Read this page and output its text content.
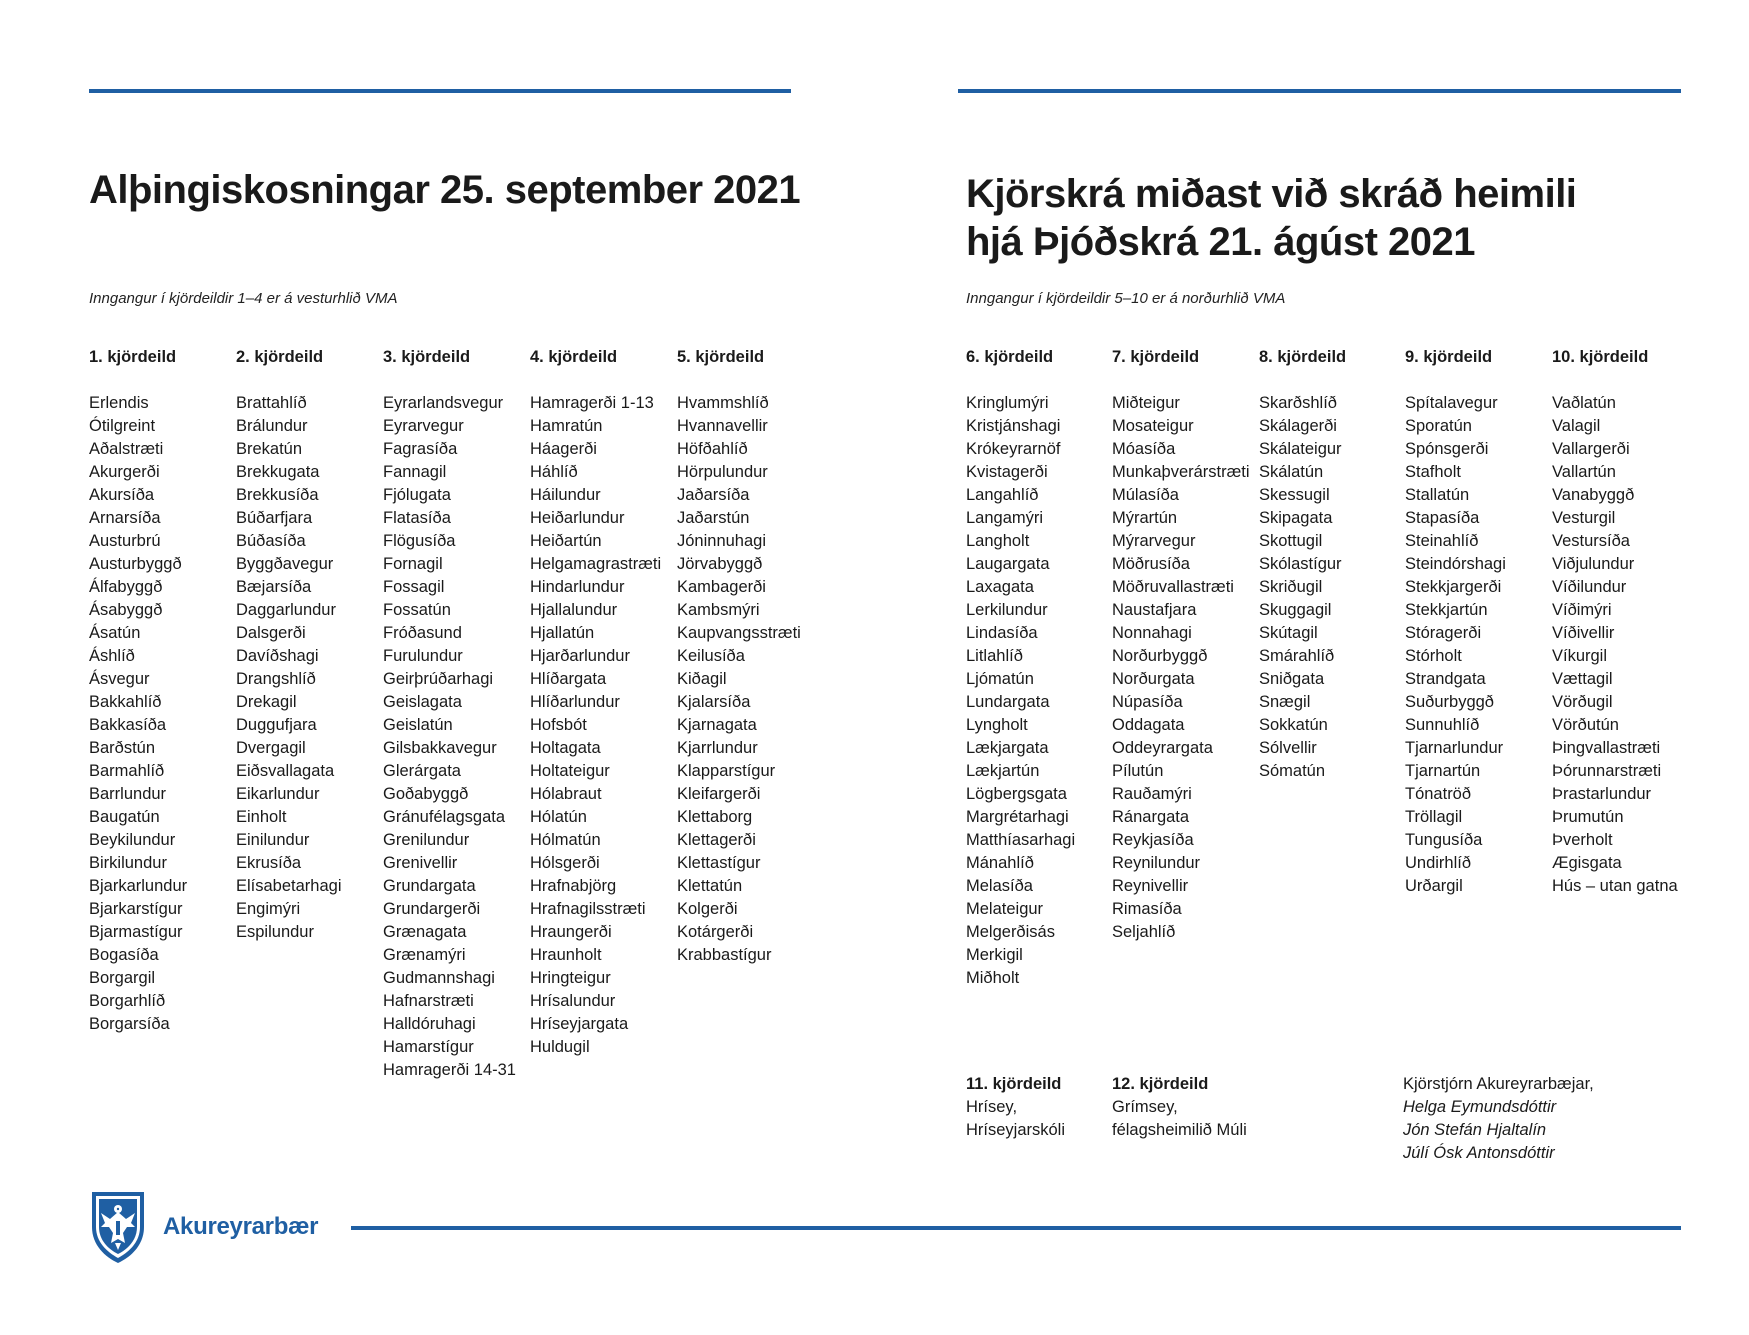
Alþingiskosningar 25. september 2021	Kjörskrá miðast við skráð heimili
hjá Þjóðskrá 21. ágúst 2021
Inngangur í kjördeildir 1–4 er á vesturhlið VMA	Inngangur í kjördeildir 5–10 er á norðurhlið VMA
1. kjördeild
Erlendis
Ótilgreint
Aðalstræti
Akurgerði
Akursíða
Arnarsíða
Austurbrú
Austurbyggð
Álfabyggð
Ásabyggð
Ásatún
Áshlíð
Ásvegur
Bakkahlíð
Bakkasíða
Barðstún
Barmahlíð
Barrlundur
Baugatún
Beykilundur
Birkilundur
Bjarkarlundur
Bjarkarstígur
Bjarmastígur
Bogasíða
Borgargil
Borgarhlíð
Borgarsíða
2. kjördeild
Brattahlíð
Brálundur
Brekatún
Brekkugata
Brekkusíða
Búðarfjara
Búðasíða
Byggðavegur
Bæjarsíða
Daggarlundur
Dalsgerði
Davíðshagi
Drangshlíð
Drekagil
Duggufjara
Dvergagil
Eiðsvallagata
Eikarlundur
Einholt
Einilundur
Ekrusíða
Elísabetarhagi
Engimýri
Espilundur
3. kjördeild
Eyrarlandsvegur
Eyrarvegur
Fagrasíða
Fannagil
Fjólugata
Flatasíða
Flögusíða
Fornagil
Fossagil
Fossatún
Fróðasund
Furulundur
Geirþrúðarhagi
Geislagata
Geislatún
Gilsbakkavegur
Glerárgata
Goðabyggð
Gránufélagsgata
Grenilundur
Grenivellir
Grundargata
Grundargerði
Grænagata
Grænamýri
Gudmannshagi
Hafnarstræti
Halldóruhagi
Hamarstígur
Hamragerði 14-31
4. kjördeild
Hamragerði 1-13
Hamratún
Háagerði
Háhlíð
Háilundur
Heiðarlundur
Heiðartún
Helgamagrastræti
Hindarlundur
Hjallalundur
Hjallatún
Hjarðarlundur
Hlíðargata
Hlíðarlundur
Hofsbót
Holtagata
Holtateigur
Hólabraut
Hólatún
Hólmatún
Hólsgerði
Hrafnabjörg
Hrafnagilsstræti
Hraungerði
Hraunholt
Hringteigur
Hrísalundur
Hríseyjargata
Huldugil
5. kjördeild
Hvammshlíð
Hvannavellir
Höfðahlíð
Hörpulundur
Jaðarsíða
Jaðarstún
Jóninnuhagi
Jörvabyggð
Kambagerði
Kambsmýri
Kaupvangsstræti
Keilusíða
Kiðagil
Kjalarsíða
Kjarnagata
Kjarrlundur
Klapparstígur
Kleifargerði
Klettaborg
Klettagerði
Klettastígur
Klettatún
Kolgerði
Kotárgerði
Krabbastígur
6. kjördeild
Kringlumýri
Kristjánshagi
Krókeyrarnöf
Kvistagerði
Langahlíð
Langamýri
Langholt
Laugargata
Laxagata
Lerkilundur
Lindasíða
Litlahlíð
Ljómatún
Lundargata
Lyngholt
Lækjargata
Lækjartún
Lögbergsgata
Margrétarhagi
Matthíasarhagi
Mánahlíð
Melasíða
Melateigur
Melgerðisás
Merkigil
Miðholt
7. kjördeild
Miðteigur
Mosateigur
Móasíða
Munkaþverárstræti
Múlasíða
Mýrartún
Mýrarvegur
Möðrusíða
Möðruvallastræti
Naustafjara
Nonnahagi
Norðurbyggð
Norðurgata
Núpasíða
Oddagata
Oddeyrargata
Pílutún
Rauðamýri
Ránargata
Reykjasíða
Reynilundur
Reynivellir
Rimasíða
Seljahlíð
8. kjördeild
Skarðshlíð
Skálagerði
Skálateigur
Skálatún
Skessugil
Skipagata
Skottugil
Skólastígur
Skriðugil
Skuggagil
Skútagil
Smárahlíð
Sniðgata
Snægil
Sokkatún
Sólvellir
Sómatún
9. kjördeild
Spítalavegur
Sporatún
Spónsgerði
Stafholt
Stallatún
Stapasíða
Steinahlíð
Steindórshagi
Stekkjargerði
Stekkjartún
Stóragerði
Stórholt
Strandgata
Suðurbyggð
Sunnuhlíð
Tjarnarlundur
Tjarnartún
Tónatröð
Tröllagil
Tungusíða
Undirhlíð
Urðargil
10. kjördeild
Vaðlatún
Valagil
Vallargerði
Vallartún
Vanabyggð
Vesturgil
Vestursíða
Viðjulundur
Víðilundur
Víðimýri
Víðivellir
Víkurgil
Vættagil
Vörðugil
Vörðutún
Þingvallastræti
Þórunnarstræti
Þrastarlundur
Þrumutún
Þverholt
Ægisgata
Hús – utan gatna
11. kjördeild
Hrísey,
Hríseyjarskóli
12. kjördeild
Grímsey,
félagsheimilið Múli
Kjörstjórn Akureyrarbæjar,
Helga Eymundsdóttir
Jón Stefán Hjaltalín
Júlí Ósk Antonsdóttir
Akureyrarbær
